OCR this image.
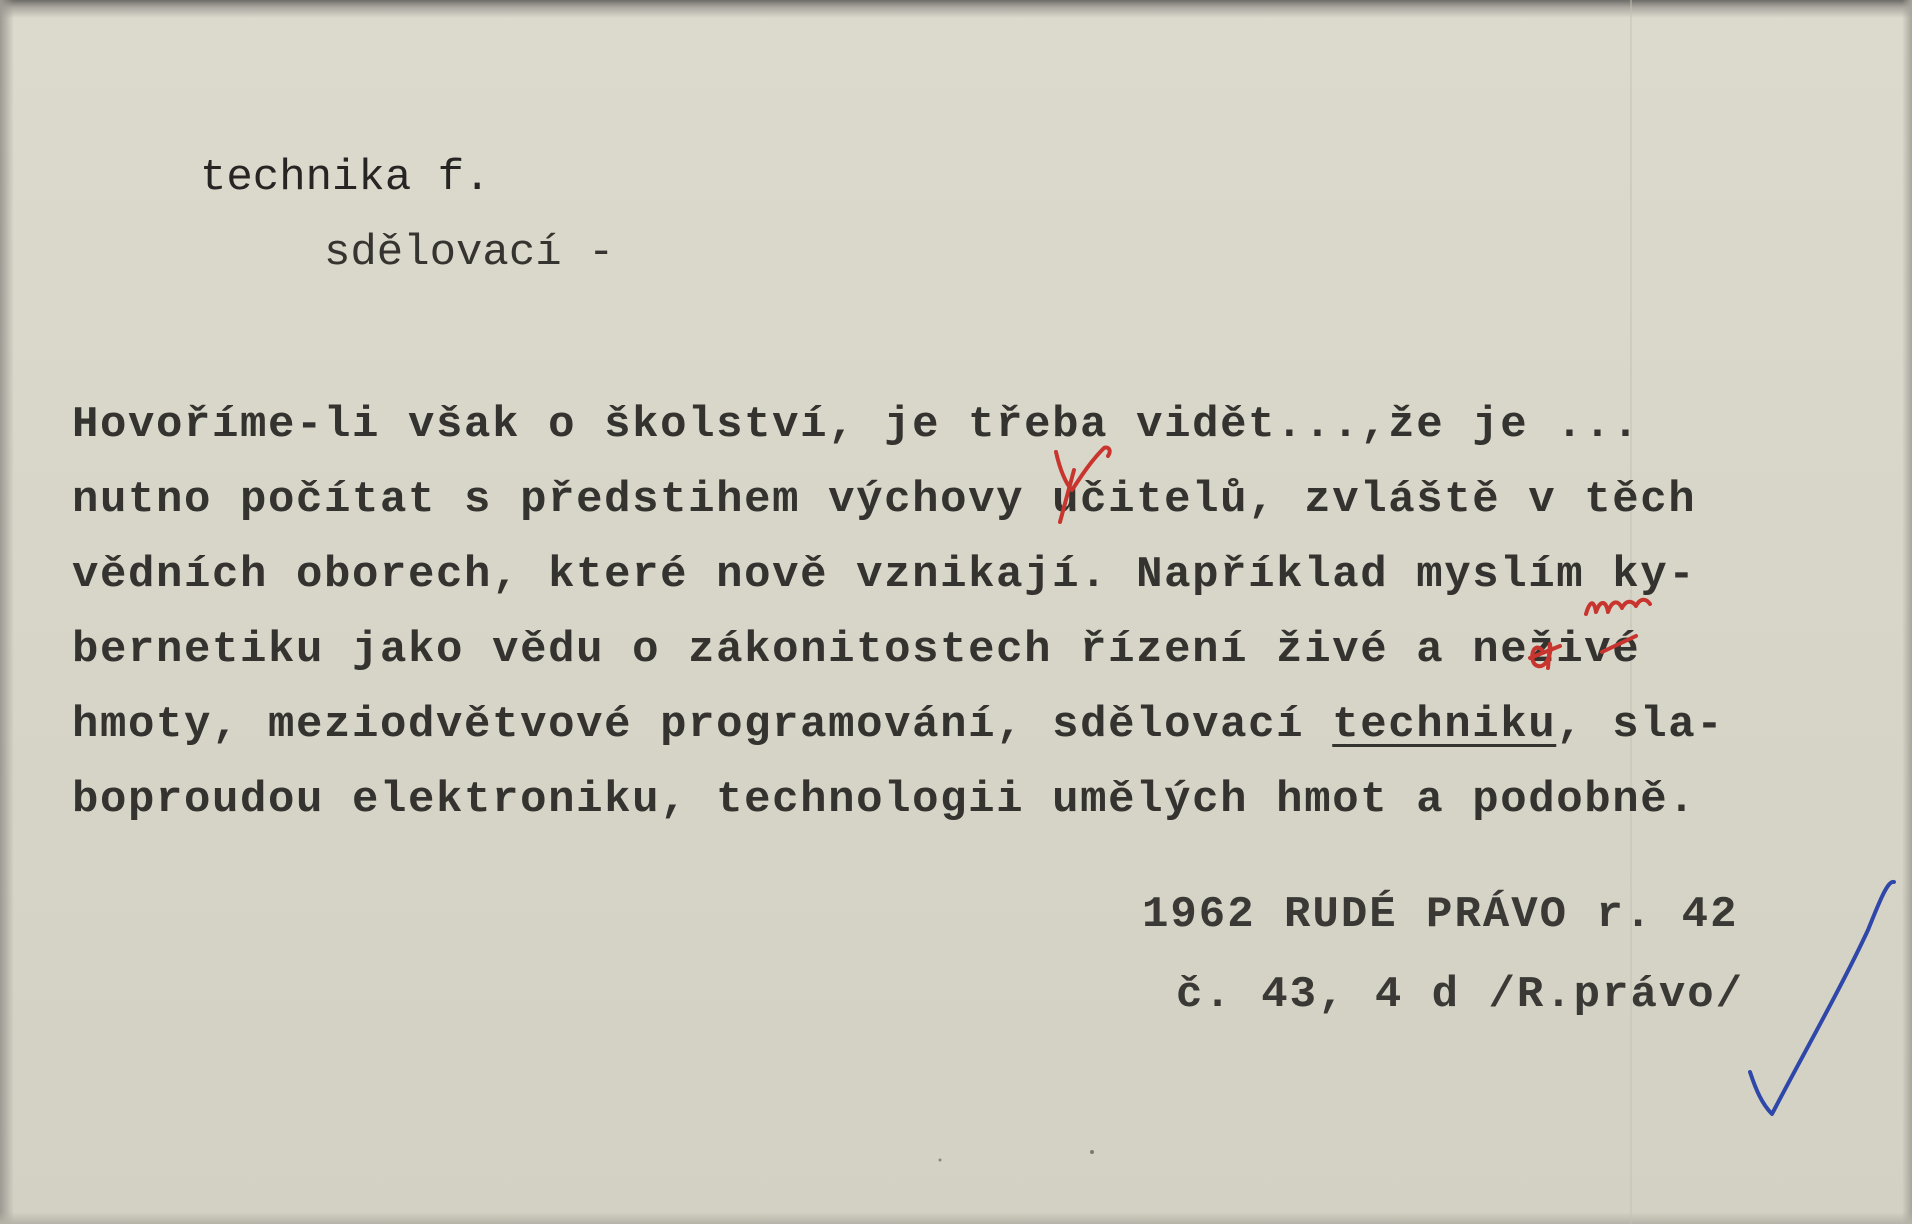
technika f.

sdělovací -

Hovoříme-li však o školství, je třeba vidět...,že je ...
nutno počítat s předstihem výchovy učitelů, zvláště v těch
vědních oborech, které nově vznikají. Například myslím ky-
bernetiku jako vědu o zákonitostech řízení živé a neživé
hmoty, meziodvětvové programování, sdělovací techniku, sla-
boproudou elektroniku, technologii umělých hmot a podobně.

1962 RUDÉ PRÁVO r. 42

č. 43, 4 d /R.právo/
